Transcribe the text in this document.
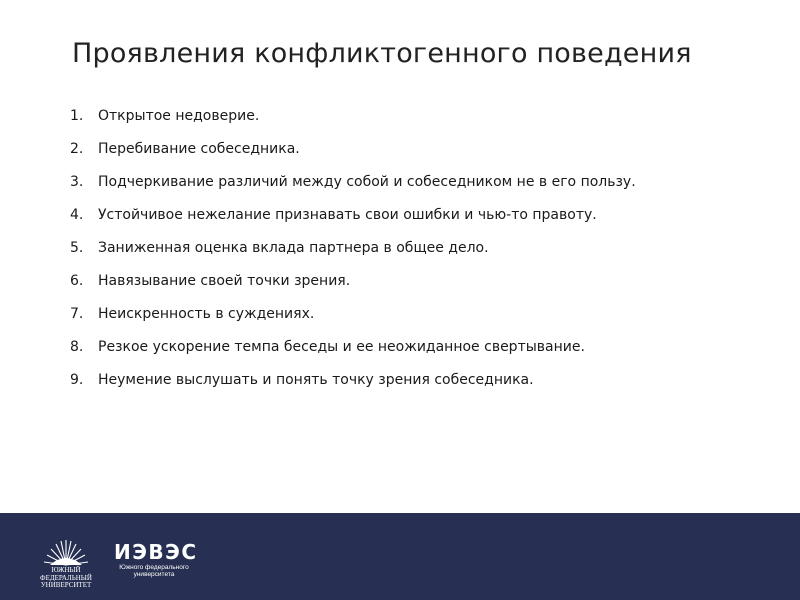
Проявления конфликтогенного поведения
1. Открытое недоверие.
2. Перебивание собеседника.
3. Подчеркивание различий между собой и собеседником не в его пользу.
4. Устойчивое нежелание признавать свои ошибки и чью-то правоту.
5. Заниженная оценка вклада партнера в общее дело.
6. Навязывание своей точки зрения.
7. Неискренность в суждениях.
8. Резкое ускорение темпа беседы и ее неожиданное свертывание.
9. Неумение выслушать и понять точку зрения собеседника.
ЮЖНЫЙ
ФЕДЕРАЛЬНЫЙ
УНИВЕРСИТЕТ
ИЭВЭС
Южного федерального
университета
